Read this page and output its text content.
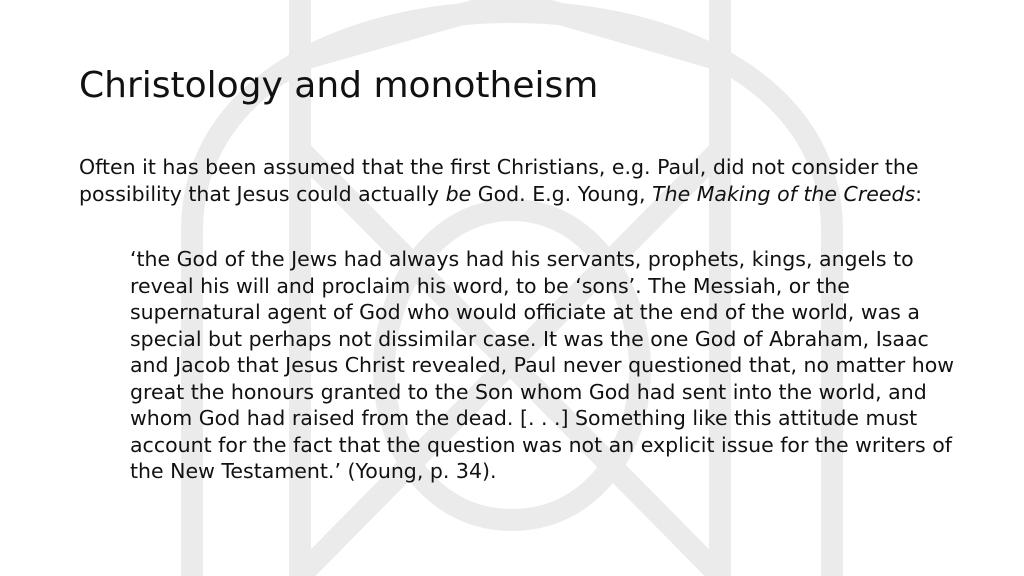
Christology and monotheism

Often it has been assumed that the first Christians, e.g. Paul, did not consider the possibility that Jesus could actually be God. E.g. Young, The Making of the Creeds:

‘the God of the Jews had always had his servants, prophets, kings, angels to reveal his will and proclaim his word, to be ‘sons’. The Messiah, or the supernatural agent of God who would officiate at the end of the world, was a special but perhaps not dissimilar case. It was the one God of Abraham, Isaac and Jacob that Jesus Christ revealed, Paul never questioned that, no matter how great the honours granted to the Son whom God had sent into the world, and whom God had raised from the dead. [. . .] Something like this attitude must account for the fact that the question was not an explicit issue for the writers of the New Testament.’ (Young, p. 34).
